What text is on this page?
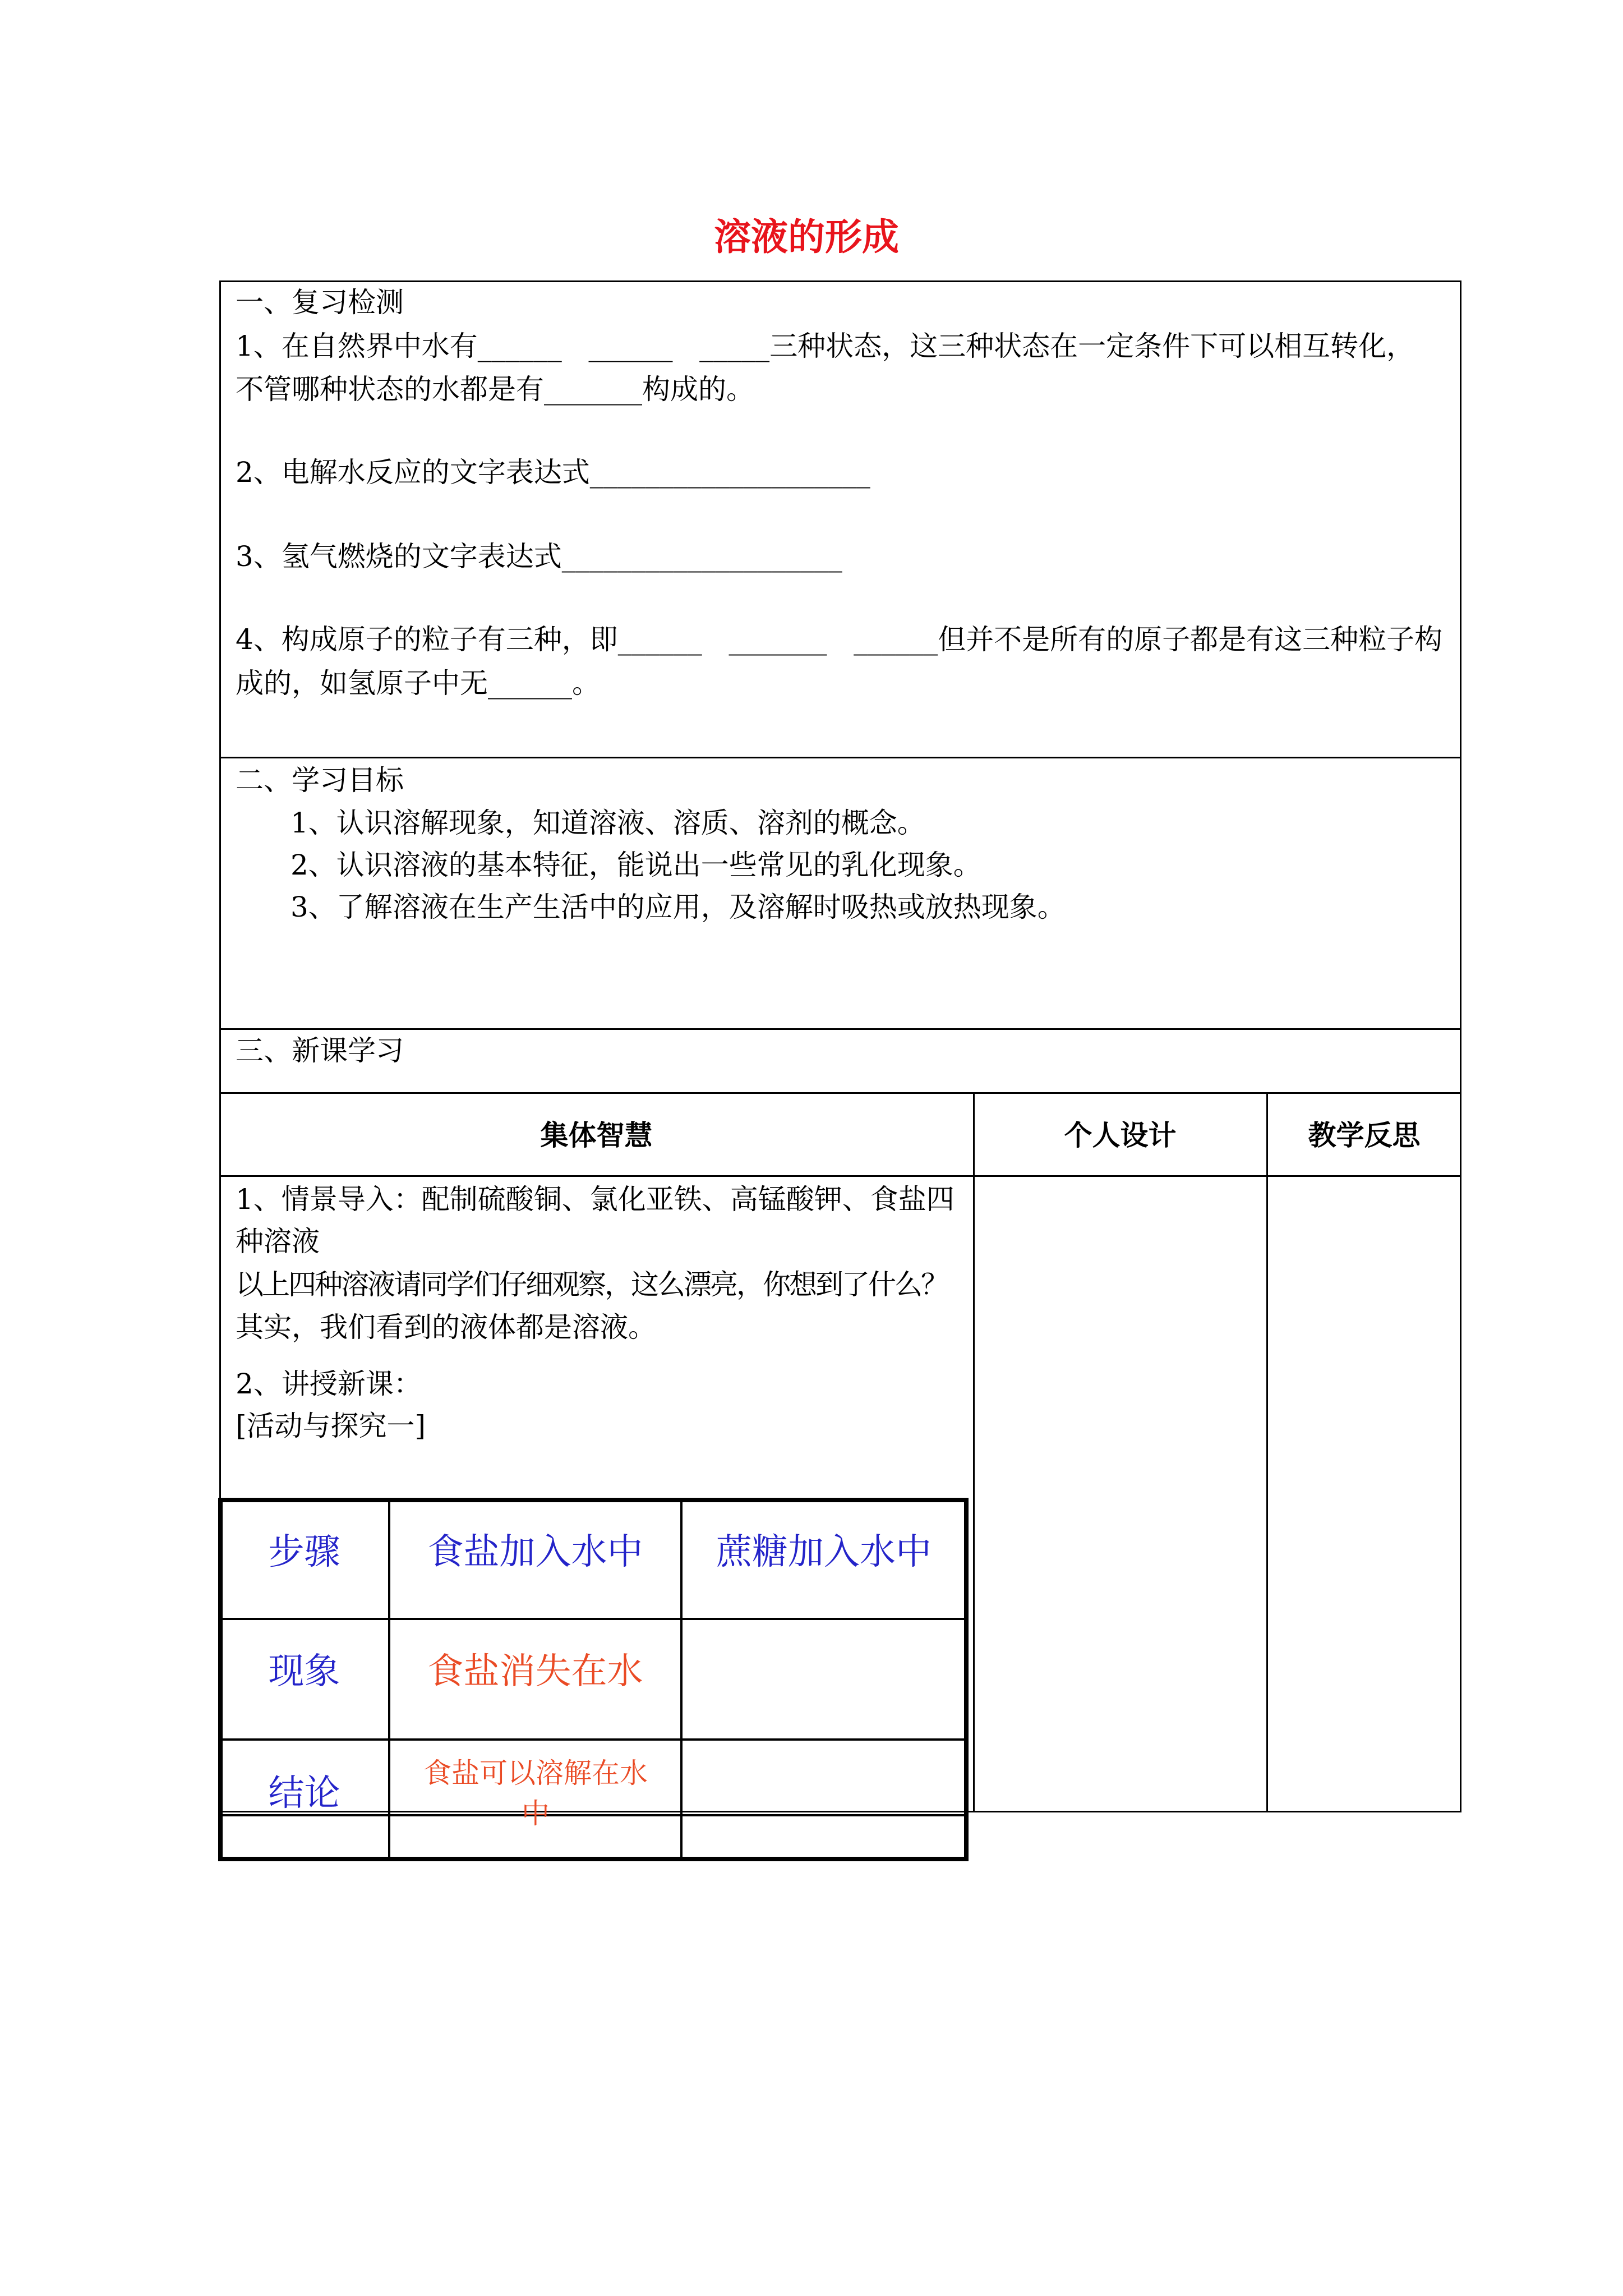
溶液的形成
一、复习检测
1、在自然界中水有______   ______   _____三种状态，这三种状态在一定条件下可以相互转化，
不管哪种状态的水都是有_______构成的。
2、电解水反应的文字表达式____________________
3、氢气燃烧的文字表达式____________________
4、构成原子的粒子有三种，即______   _______   ______但并不是所有的原子都是有这三种粒子构
成的，如氢原子中无______。
二、学习目标
1、认识溶解现象，知道溶液、溶质、溶剂的概念。
2、认识溶液的基本特征，能说出一些常见的乳化现象。
3、了解溶液在生产生活中的应用，及溶解时吸热或放热现象。
三、新课学习
集体智慧	个人设计	教学反思
1、情景导入：配制硫酸铜、氯化亚铁、高锰酸钾、食盐四
种溶液
以上四种溶液请同学们仔细观察，这么漂亮，你想到了什么？
其实，我们看到的液体都是溶液。
2、讲授新课：
[活动与探究一]
步骤	食盐加入水中	蔗糖加入水中
现象	食盐消失在水
结论	食盐可以溶解在水中
